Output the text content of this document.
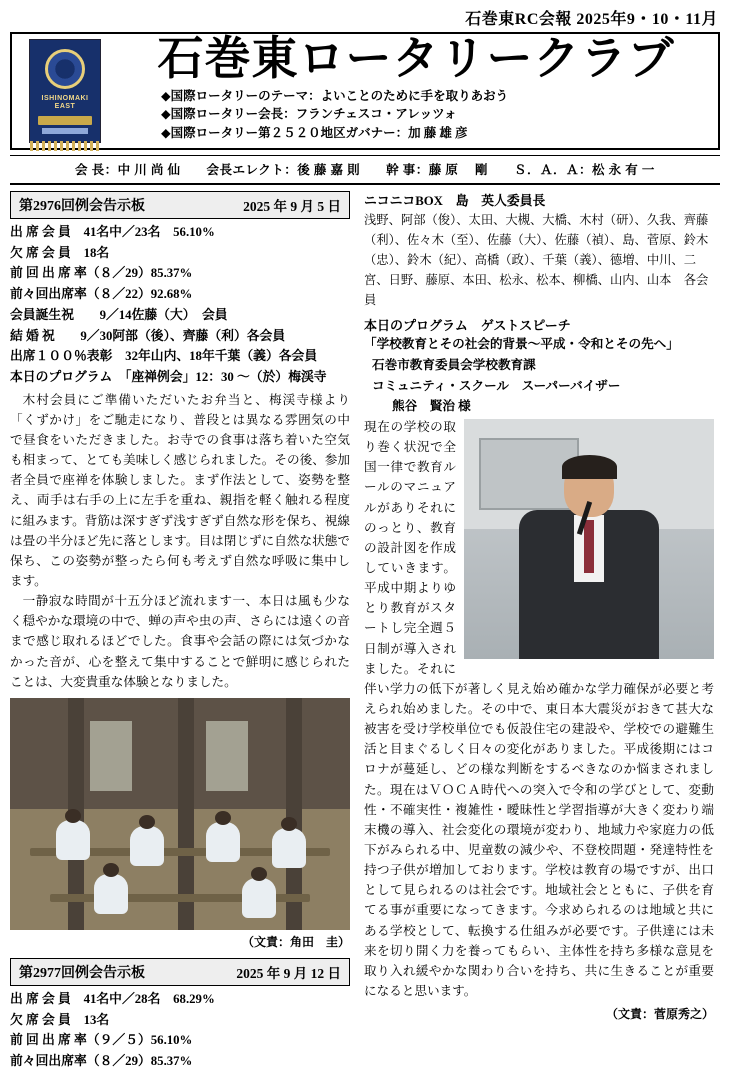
石巻東RC会報 2025年9・10・11月
ISHINOMAKI EAST
石巻東ロータリークラブ
◆国際ロータリーのテーマ：よいことのために手を取りあおう
◆国際ロータリー会長：フランチェスコ・アレッツォ
◆国際ロータリー第２５２０地区ガバナー：加 藤 雄 彦
会 長：中 川 尚 仙　　会長エレクト：後 藤 嘉 則　　幹 事：藤 原　 剛　　Ｓ．Ａ．Ａ：松 永 有 一
第2976回例会告示板	2025 年 9 月 5 日
出 席 会 員　41名中／23名　56.10%
欠 席 会 員　18名
前 回 出 席 率（８／29）85.37%
前々回出席率（８／22）92.68%
会員誕生祝　　9／14佐藤（大）　会員
結 婚 祝　　9／30阿部（後）、齊藤（利）各会員
出席１００％表彰　32年山内、18年千葉（義）各会員
本日のプログラム　「座禅例会」12：30 ～（於）梅渓寺

木村会員にご準備いただいたお弁当と、梅渓寺様より「くずかけ」をご馳走になり、普段とは異なる雰囲気の中で昼食をいただきました。お寺での食事は落ち着いた空気も相まって、とても美味しく感じられました。その後、参加者全員で座禅を体験しました。まず作法として、姿勢を整え、両手は右手の上に左手を重ね、親指を軽く触れる程度に組みます。背筋は深すぎず浅すぎず自然な形を保ち、視線は畳の半分ほど先に落とします。目は閉じずに自然な状態で保ち、この姿勢が整ったら何も考えず自然な呼吸に集中します。

一静寂な時間が十五分ほど流れます一、本日は風も少なく穏やかな環境の中で、蝉の声や虫の声、さらには遠くの音まで感じ取れるほどでした。食事や会話の際には気づかなかった音が、心を整えて集中することで鮮明に感じられたことは、大変貴重な体験となりました。

（文責：角田　圭）
第2977回例会告示板	2025 年 9 月 12 日
出 席 会 員　41名中／28名　68.29%
欠 席 会 員　13名
前 回 出 席 率（９／５）56.10%
前々回出席率（８／29）85.37%
ニコニコBOX　島　英人委員長
浅野、阿部（俊）、太田、大槻、大橋、木村（研）、久我、齊藤（利）、佐々木（至）、佐藤（大）、佐藤（禎）、島、菅原、鈴木（忠）、鈴木（紀）、高橋（政）、千葉（義）、德増、中川、二宮、日野、藤原、本田、松永、松本、柳橋、山内、山本　各会員
本日のプログラム　ゲストスピーチ
「学校教育とその社会的背景～平成・令和とその先へ」
石巻市教育委員会学校教育課
コミュニティ・スクール　スーパーバイザー
熊谷　賢治 様
現在の学校の取り巻く状況で全国一律で教育ルールのマニュアルがありそれにのっとり、教育の設計図を作成していきます。平成中期よりゆとり教育がスタートし完全週５日制が導入されました。それに伴い学力の低下が著しく見え始め確かな学力確保が必要と考えられ始めました。その中で、東日本大震災がおきて甚大な被害を受け学校単位でも仮設住宅の建設や、学校での避難生活と目まぐるしく日々の変化がありました。平成後期にはコロナが蔓延し、どの様な判断をするべきなのか悩まされました。現在はＶＯＣＡ時代への突入で令和の学びとして、変動性・不確実性・複雑性・曖昧性と学習指導が大きく変わり端末機の導入、社会変化の環境が変わり、地域力や家庭力の低下がみられる中、児童数の減少や、不登校問題・発達特性を持つ子供が増加しております。学校は教育の場ですが、出口として見られるのは社会です。地域社会とともに、子供を育てる事が重要になってきます。今求められるのは地域と共にある学校として、転換する仕組みが必要です。子供達には未来を切り開く力を養ってもらい、主体性を持ち多様な意見を取り入れ緩やかな関わり合いを持ち、共に生きることが重要になると思います。
（文責：菅原秀之）
